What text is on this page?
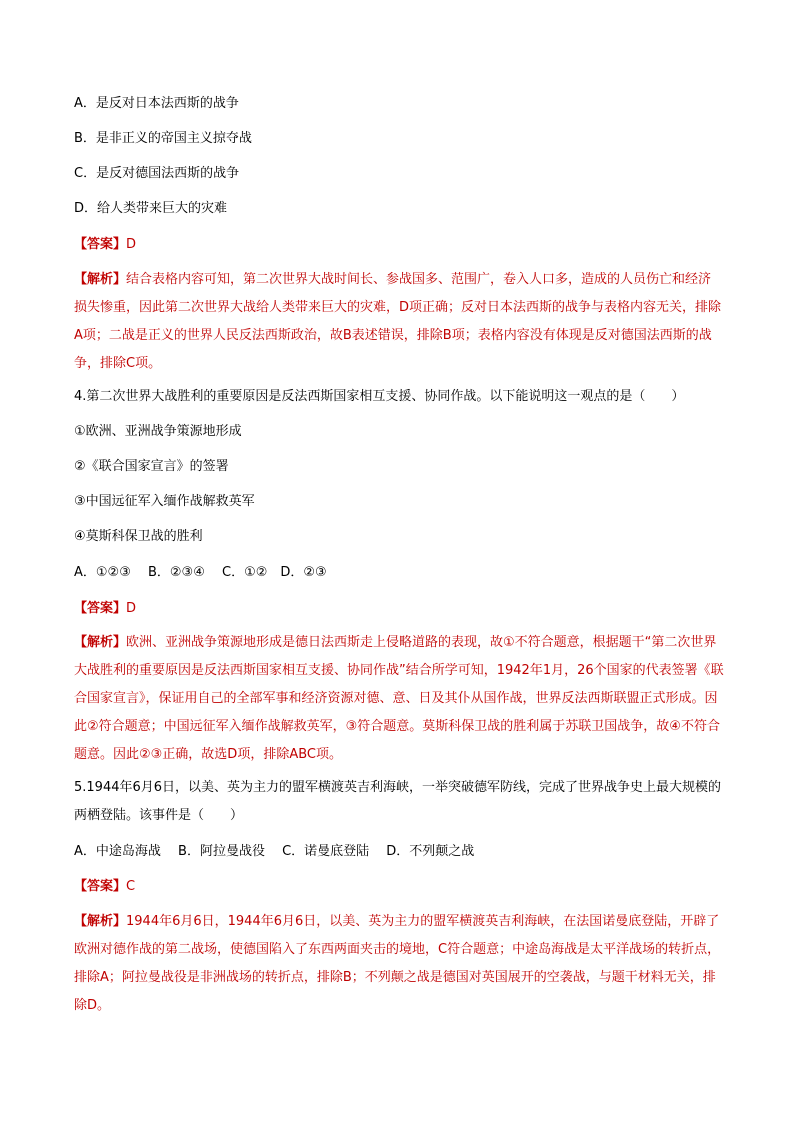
A．是反对日本法西斯的战争
B．是非正义的帝国主义掠夺战
C．是反对德国法西斯的战争
D．给人类带来巨大的灾难
【答案】D
【解析】结合表格内容可知，第二次世界大战时间长、参战国多、范围广，卷入人口多，造成的人员伤亡和经济损失惨重，因此第二次世界大战给人类带来巨大的灾难，D项正确；反对日本法西斯的战争与表格内容无关，排除A项；二战是正义的世界人民反法西斯政治，故B表述错误，排除B项；表格内容没有体现是反对德国法西斯的战争，排除C项。
4.第二次世界大战胜利的重要原因是反法西斯国家相互支援、协同作战。以下能说明这一观点的是（　　）
①欧洲、亚洲战争策源地形成
②《联合国家宣言》的签署
③中国远征军入缅作战解救英军
④莫斯科保卫战的胜利
A．①②③　 B．②③④　 C．①②　D．②③
【答案】D
【解析】欧洲、亚洲战争策源地形成是德日法西斯走上侵略道路的表现，故①不符合题意，根据题干“第二次世界大战胜利的重要原因是反法西斯国家相互支援、协同作战”结合所学可知，1942年1月，26个国家的代表签署《联合国家宣言》，保证用自己的全部军事和经济资源对德、意、日及其仆从国作战，世界反法西斯联盟正式形成。因此②符合题意；中国远征军入缅作战解救英军，③符合题意。莫斯科保卫战的胜利属于苏联卫国战争，故④不符合题意。因此②③正确，故选D项，排除ABC项。
5.1944年6月6日，以美、英为主力的盟军横渡英吉利海峡，一举突破德军防线，完成了世界战争史上最大规模的两栖登陆。该事件是（　　）
A．中途岛海战　 B．阿拉曼战役　 C．诺曼底登陆　 D．不列颠之战
【答案】C
【解析】1944年6月6日，1944年6月6日，以美、英为主力的盟军横渡英吉利海峡，在法国诺曼底登陆，开辟了欧洲对德作战的第二战场，使德国陷入了东西两面夹击的境地，C符合题意；中途岛海战是太平洋战场的转折点，排除A；阿拉曼战役是非洲战场的转折点，排除B；不列颠之战是德国对英国展开的空袭战，与题干材料无关，排除D。
